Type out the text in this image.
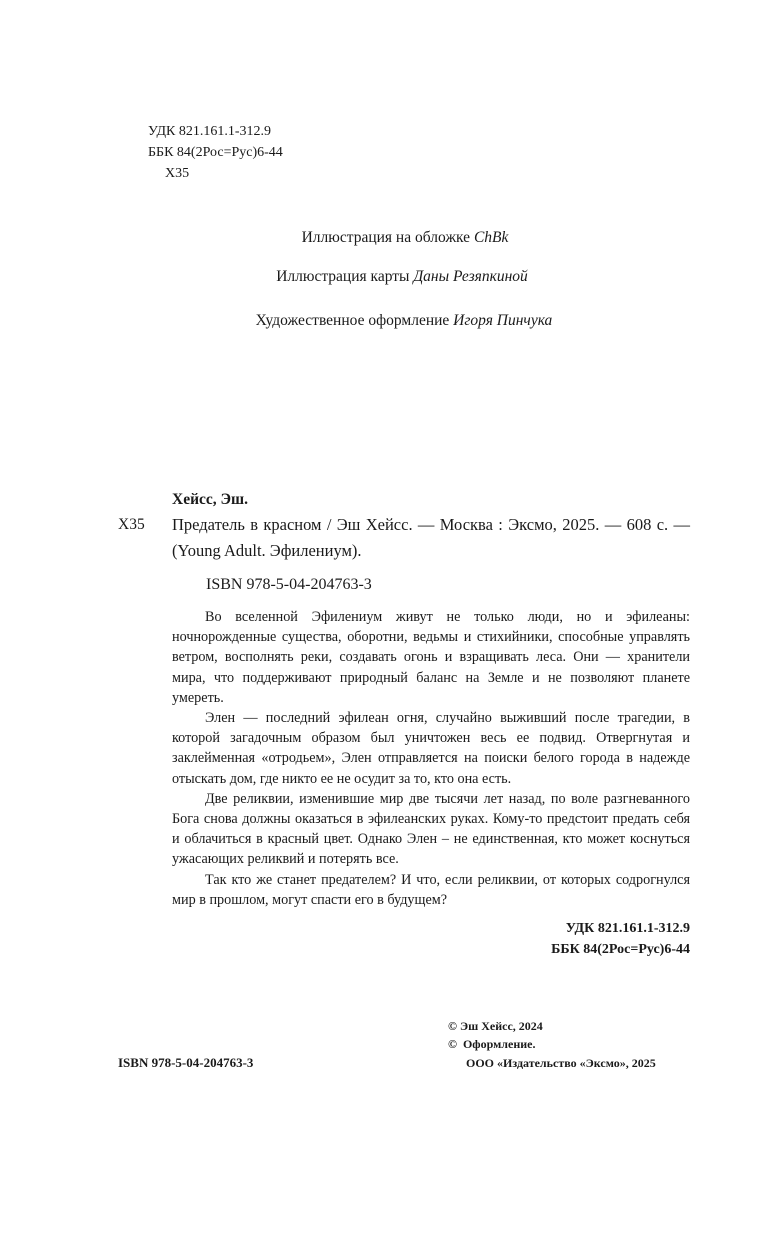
УДК 821.161.1-312.9
ББК 84(2Рос=Рус)6-44
Х35
Иллюстрация на обложке ChBk
Иллюстрация карты Даны Резяпкиной
Художественное оформление Игоря Пинчука
Хейсс, Эш.
Х35 Предатель в красном / Эш Хейсс. — Москва : Эксмо, 2025. — 608 с. — (Young Adult. Эфилениум).
ISBN 978-5-04-204763-3

Во вселенной Эфилениум живут не только люди, но и эфилеаны: ночнорожденные существа, оборотни, ведьмы и стихийники, способные управлять ветром, восполнять реки, создавать огонь и взращивать леса. Они — хранители мира, что поддерживают природный баланс на Земле и не позволяют планете умереть.

Элен — последний эфилеан огня, случайно выживший после трагедии, в которой загадочным образом был уничтожен весь ее подвид. Отвергнутая и заклейменная «отродьем», Элен отправляется на поиски белого города в надежде отыскать дом, где никто ее не осудит за то, кто она есть.

Две реликвии, изменившие мир две тысячи лет назад, по воле разгневанного Бога снова должны оказаться в эфилеанских руках. Кому-то предстоит предать себя и облачиться в красный цвет. Однако Элен – не единственная, кто может коснуться ужасающих реликвий и потерять все.

Так кто же станет предателем? И что, если реликвии, от которых содрогнулся мир в прошлом, могут спасти его в будущем?

УДК 821.161.1-312.9
ББК 84(2Рос=Рус)6-44
ISBN 978-5-04-204763-3
© Эш Хейсс, 2024
©  Оформление.
ООО «Издательство «Эксмо», 2025
